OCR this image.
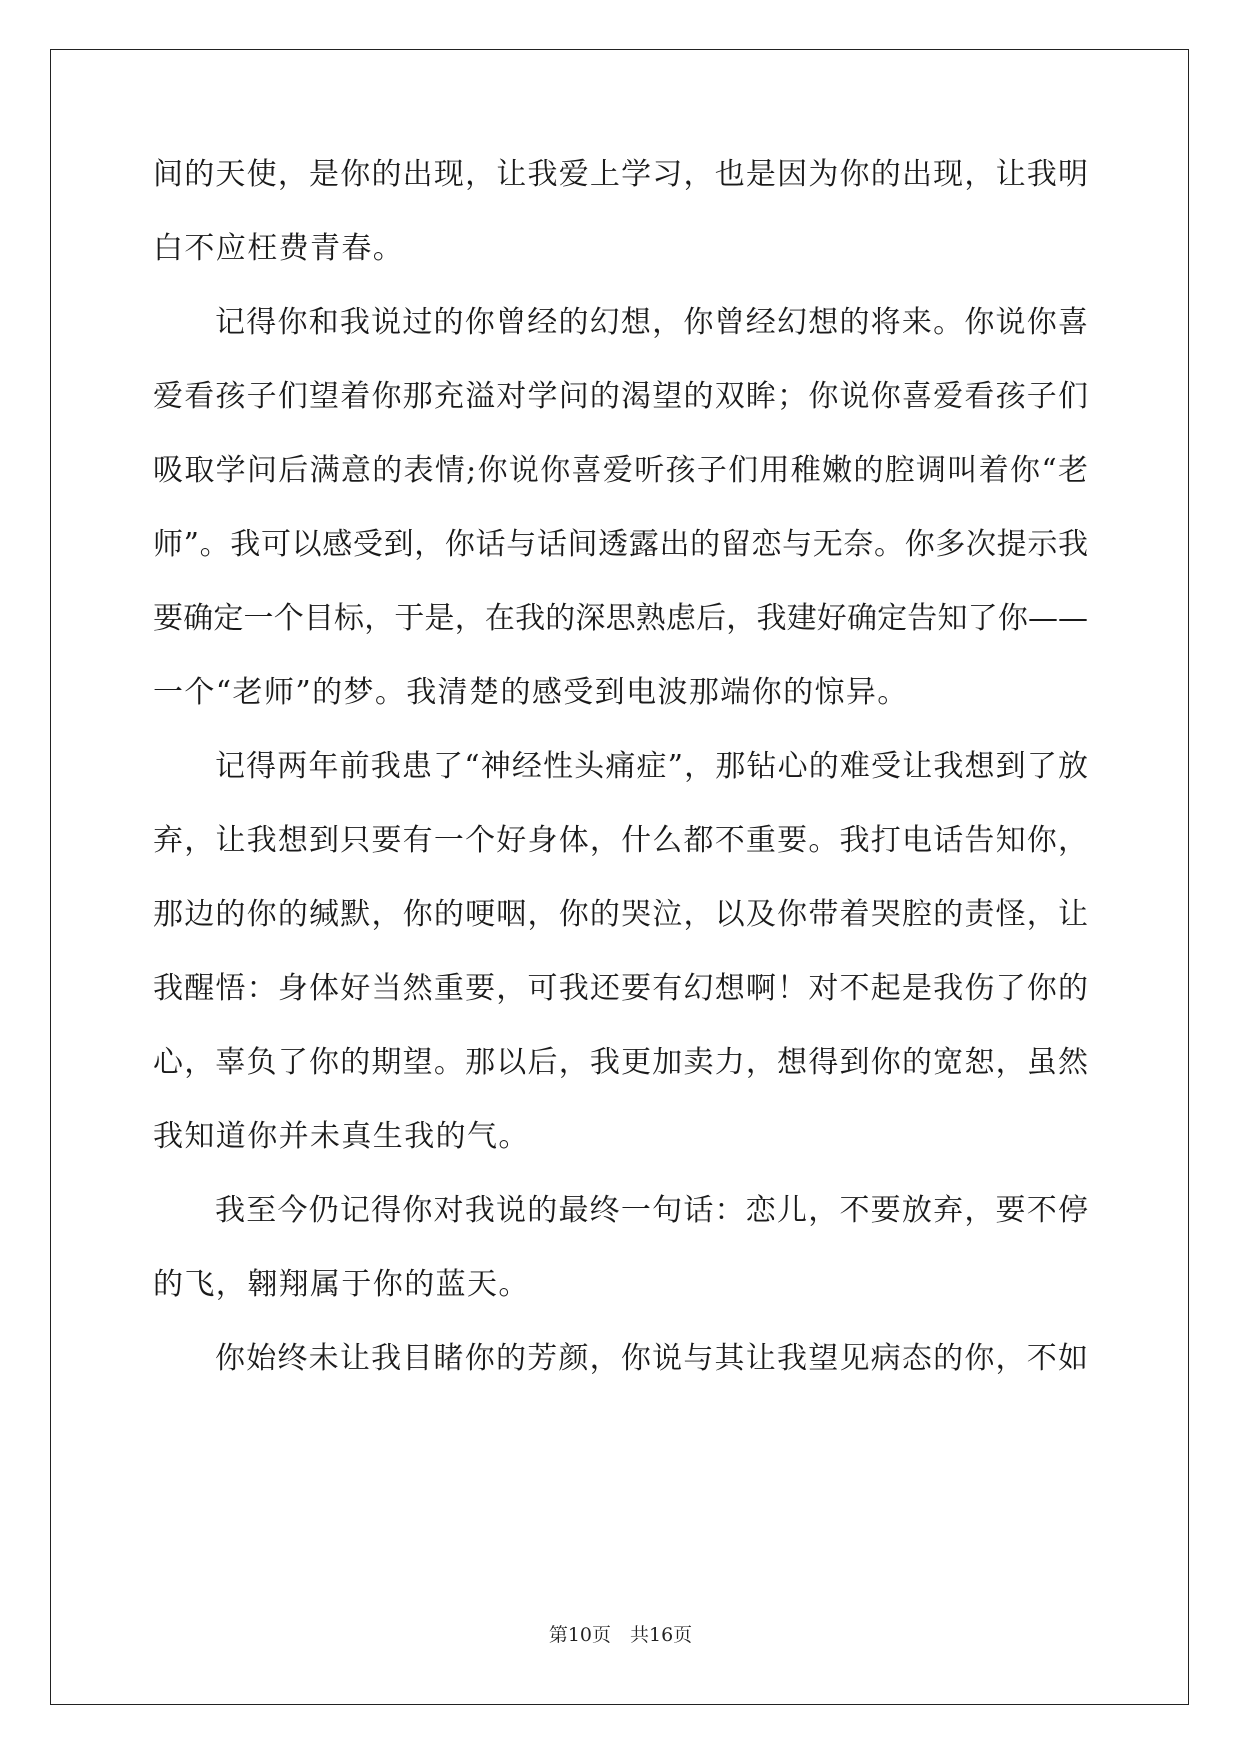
间的天使，是你的出现，让我爱上学习，也是因为你的出现，让我明
白不应枉费青春。
记得你和我说过的你曾经的幻想，你曾经幻想的将来。你说你喜
爱看孩子们望着你那充溢对学问的渴望的双眸；你说你喜爱看孩子们
吸取学问后满意的表情;你说你喜爱听孩子们用稚嫩的腔调叫着你“老
师”。我可以感受到，你话与话间透露出的留恋与无奈。你多次提示我
要确定一个目标，于是，在我的深思熟虑后，我建好确定告知了你——
一个“老师”的梦。我清楚的感受到电波那端你的惊异。
记得两年前我患了“神经性头痛症”，那钻心的难受让我想到了放
弃，让我想到只要有一个好身体，什么都不重要。我打电话告知你，
那边的你的缄默，你的哽咽，你的哭泣，以及你带着哭腔的责怪，让
我醒悟：身体好当然重要，可我还要有幻想啊！对不起是我伤了你的
心，辜负了你的期望。那以后，我更加卖力，想得到你的宽恕，虽然
我知道你并未真生我的气。
我至今仍记得你对我说的最终一句话：恋儿，不要放弃，要不停
的飞，翱翔属于你的蓝天。
你始终未让我目睹你的芳颜，你说与其让我望见病态的你，不如
第10页　共16页
